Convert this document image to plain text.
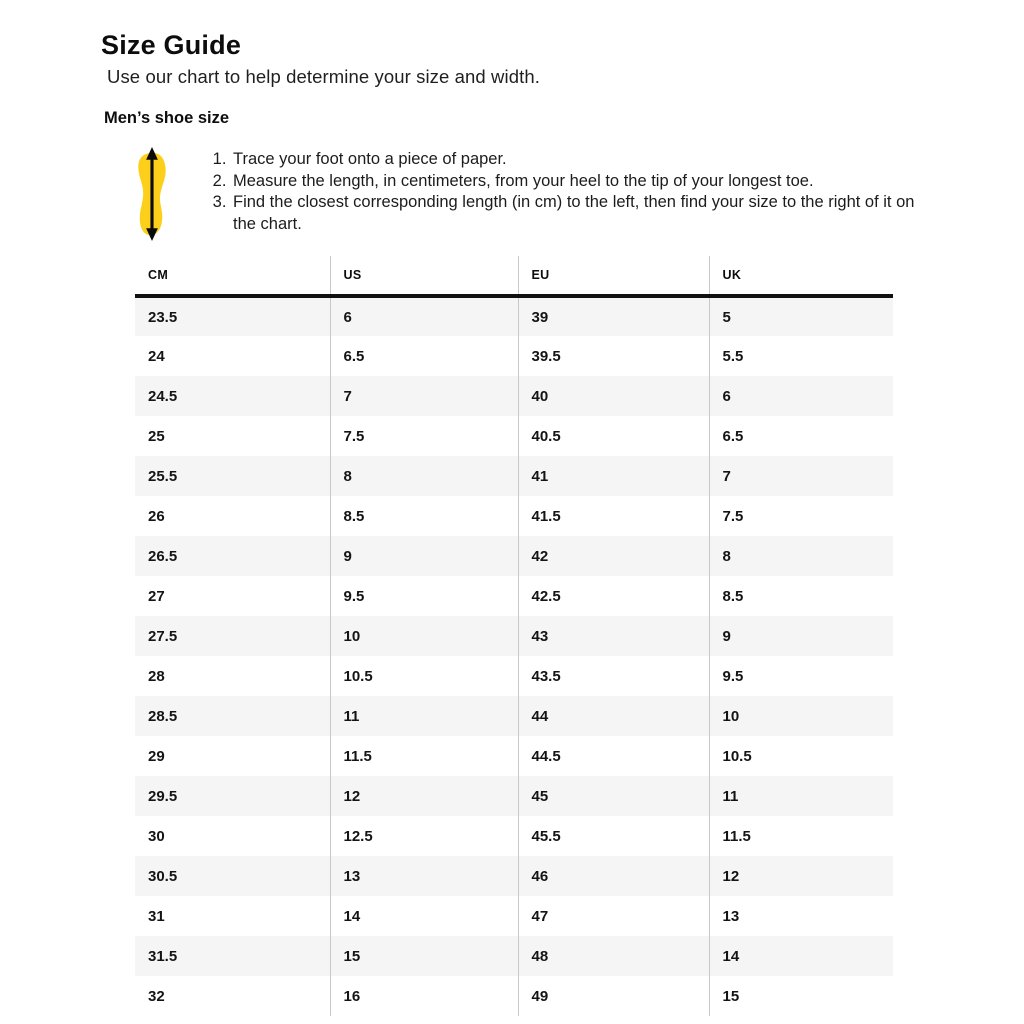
Size Guide

Use our chart to help determine your size and width.

Men’s shoe size
1. Trace your foot onto a piece of paper.
2. Measure the length, in centimeters, from your heel to the tip of your longest toe.
3. Find the closest corresponding length (in cm) to the left, then find your size to the right of it on the chart.
CM	US	EU	UK
23.5	6	39	5
24	6.5	39.5	5.5
24.5	7	40	6
25	7.5	40.5	6.5
25.5	8	41	7
26	8.5	41.5	7.5
26.5	9	42	8
27	9.5	42.5	8.5
27.5	10	43	9
28	10.5	43.5	9.5
28.5	11	44	10
29	11.5	44.5	10.5
29.5	12	45	11
30	12.5	45.5	11.5
30.5	13	46	12
31	14	47	13
31.5	15	48	14
32	16	49	15
